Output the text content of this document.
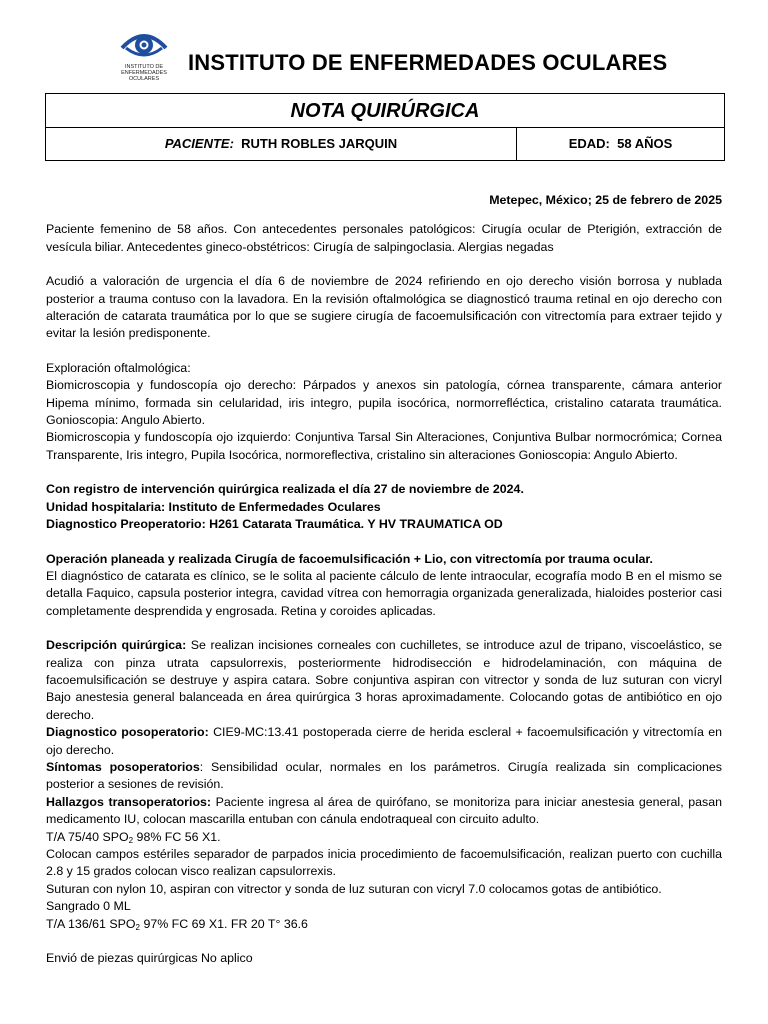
INSTITUTO DE
ENFERMEDADES
OCULARES
INSTITUTO DE ENFERMEDADES OCULARES
NOTA QUIRÚRGICA
PACIENTE: RUTH ROBLES JARQUIN	EDAD: 58 AÑOS

Metepec, México; 25 de febrero de 2025

Paciente femenino de 58 años. Con antecedentes personales patológicos: Cirugía ocular de Pterigión, extracción de vesícula biliar. Antecedentes gineco-obstétricos: Cirugía de salpingoclasia. Alergias negadas

Acudió a valoración de urgencia el día 6 de noviembre de 2024 refiriendo en ojo derecho visión borrosa y nublada posterior a trauma contuso con la lavadora. En la revisión oftalmológica se diagnosticó trauma retinal en ojo derecho con alteración de catarata traumática por lo que se sugiere cirugía de facoemulsificación con vitrectomía para extraer tejido y evitar la lesión predisponente.

Exploración oftalmológica:

Biomicroscopia y fundoscopía ojo derecho: Párpados y anexos sin patología, córnea transparente, cámara anterior Hipema mínimo, formada sin celularidad, iris integro, pupila isocórica, normorrefléctica, cristalino catarata traumática. Gonioscopia: Angulo Abierto.

Biomicroscopia y fundoscopía ojo izquierdo: Conjuntiva Tarsal Sin Alteraciones, Conjuntiva Bulbar normocrómica; Cornea Transparente, Iris integro, Pupila Isocórica, normoreflectiva, cristalino sin alteraciones Gonioscopia: Angulo Abierto.

Con registro de intervención quirúrgica realizada el día 27 de noviembre de 2024.

Unidad hospitalaria: Instituto de Enfermedades Oculares

Diagnostico Preoperatorio: H261 Catarata Traumática. Y HV TRAUMATICA OD

Operación planeada y realizada Cirugía de facoemulsificación + Lio, con vitrectomía por trauma ocular.

El diagnóstico de catarata es clínico, se le solita al paciente cálculo de lente intraocular, ecografía modo B en el mismo se detalla Faquico, capsula posterior integra, cavidad vítrea con hemorragia organizada generalizada, hialoides posterior casi completamente desprendida y engrosada. Retina y coroides aplicadas.

Descripción quirúrgica: Se realizan incisiones corneales con cuchilletes, se introduce azul de tripano, viscoelástico, se realiza con pinza utrata capsulorrexis, posteriormente hidrodisección e hidrodelaminación, con máquina de facoemulsificación se destruye y aspira catara. Sobre conjuntiva aspiran con vitrector y sonda de luz suturan con vicryl Bajo anestesia general balanceada en área quirúrgica 3 horas aproximadamente. Colocando gotas de antibiótico en ojo derecho.

Diagnostico posoperatorio: CIE9-MC:13.41 postoperada cierre de herida escleral + facoemulsificación y vitrectomía en ojo derecho.

Síntomas posoperatorios: Sensibilidad ocular, normales en los parámetros. Cirugía realizada sin complicaciones posterior a sesiones de revisión.

Hallazgos transoperatorios: Paciente ingresa al área de quirófano, se monitoriza para iniciar anestesia general, pasan medicamento IU, colocan mascarilla entuban con cánula endotraqueal con circuito adulto.

T/A 75/40 $SPO_2$ 98% FC 56 X1.

Colocan campos estériles separador de parpados inicia procedimiento de facoemulsificación, realizan puerto con cuchilla 2.8 y 15 grados colocan visco realizan capsulorrexis.

Suturan con nylon 10, aspiran con vitrector y sonda de luz suturan con vicryl 7.0 colocamos gotas de antibiótico.

Sangrado 0 ML

T/A 136/61 $SPO_2$ 97% FC 69 X1. FR 20 T° 36.6

Envió de piezas quirúrgicas No aplico
